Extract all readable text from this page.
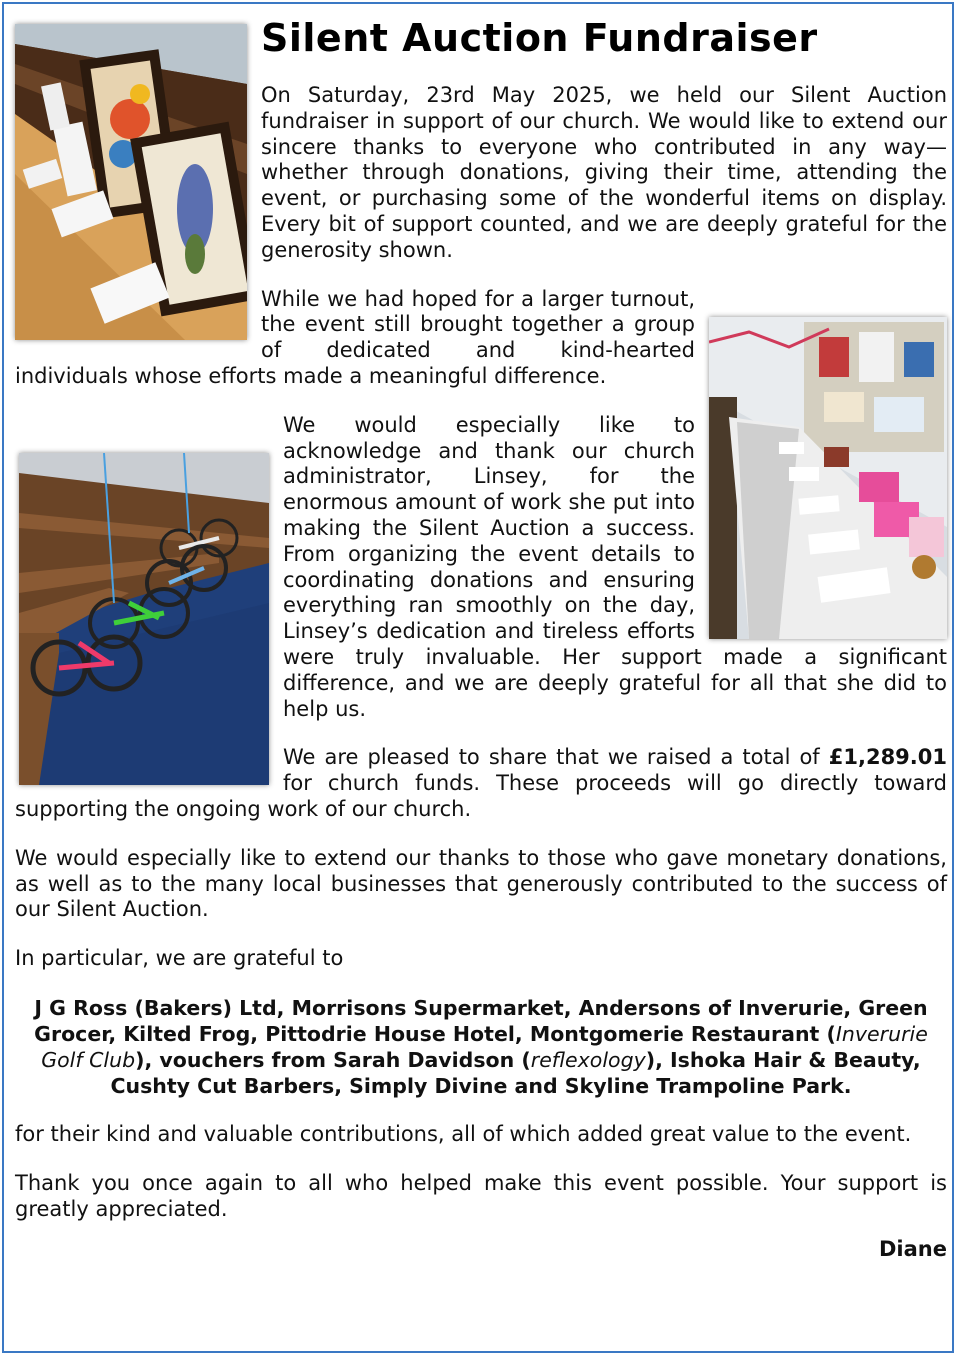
Silent Auction Fundraiser

On Saturday, 23rd May 2025, we held our Silent Auction fundraiser in support of our church. We would like to extend our sincere thanks to everyone who contributed in any way—whether through donations, giving their time, attending the event, or purchasing some of the wonderful items on display. Every bit of support counted, and we are deeply grateful for the generosity shown.

While we had hoped for a larger turnout, the event still brought together a group of dedicated and kind-hearted individuals whose efforts made a meaningful difference.

We would especially like to acknowledge and thank our church administrator, Linsey, for the enormous amount of work she put into making the Silent Auction a success. From organizing the event details to coordinating donations and ensuring everything ran smoothly on the day, Linsey’s dedication and tireless efforts were truly invaluable. Her support made a significant difference, and we are deeply grateful for all that she did to help us.

We are pleased to share that we raised a total of £1,289.01 for church funds. These proceeds will go directly toward supporting the ongoing work of our church.

We would especially like to extend our thanks to those who gave monetary donations, as well as to the many local businesses that generously contributed to the success of our Silent Auction.

In particular, we are grateful to

J G Ross (Bakers) Ltd, Morrisons Supermarket, Andersons of Inverurie, Green Grocer, Kilted Frog, Pittodrie House Hotel, Montgomerie Restaurant (Inverurie Golf Club), vouchers from Sarah Davidson (reflexology), Ishoka Hair & Beauty, Cushty Cut Barbers, Simply Divine and Skyline Trampoline Park.

for their kind and valuable contributions, all of which added great value to the event.

Thank you once again to all who helped make this event possible. Your support is greatly appreciated.

Diane
